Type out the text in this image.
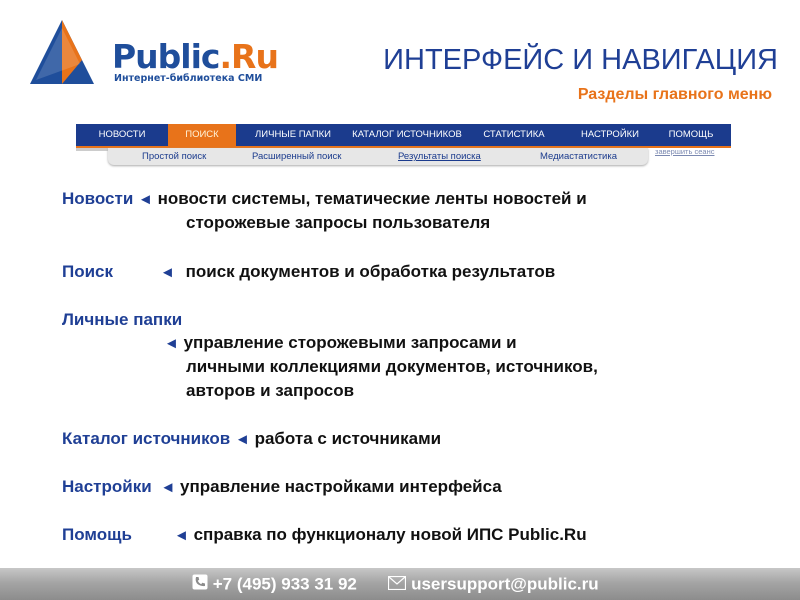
Public.Ru
Интернет-библиотека СМИ
ИНТЕРФЕЙС И НАВИГАЦИЯ
Разделы главного меню
НОВОСТИ	ПОИСК	ЛИЧНЫЕ ПАПКИ	КАТАЛОГ ИСТОЧНИКОВ	СТАТИСТИКА	НАСТРОЙКИ	ПОМОЩЬ
Простой поиск	Расширенный поиск	Результаты поиска	Медиастатистика	завершить сеанс
Новости ◄ новости системы, тематические ленты новостей и
сторожевые запросы пользователя
Поиск	◄ поиск документов и обработка результатов
Личные папки
◄ управление сторожевыми запросами и
личными коллекциями документов, источников,
авторов и запросов
Каталог источников ◄ работа с источниками
Настройки ◄ управление настройками интерфейса
Помощь	◄ справка по функционалу новой ИПС Public.Ru
+7 (495) 933 31 92	usersupport@public.ru
